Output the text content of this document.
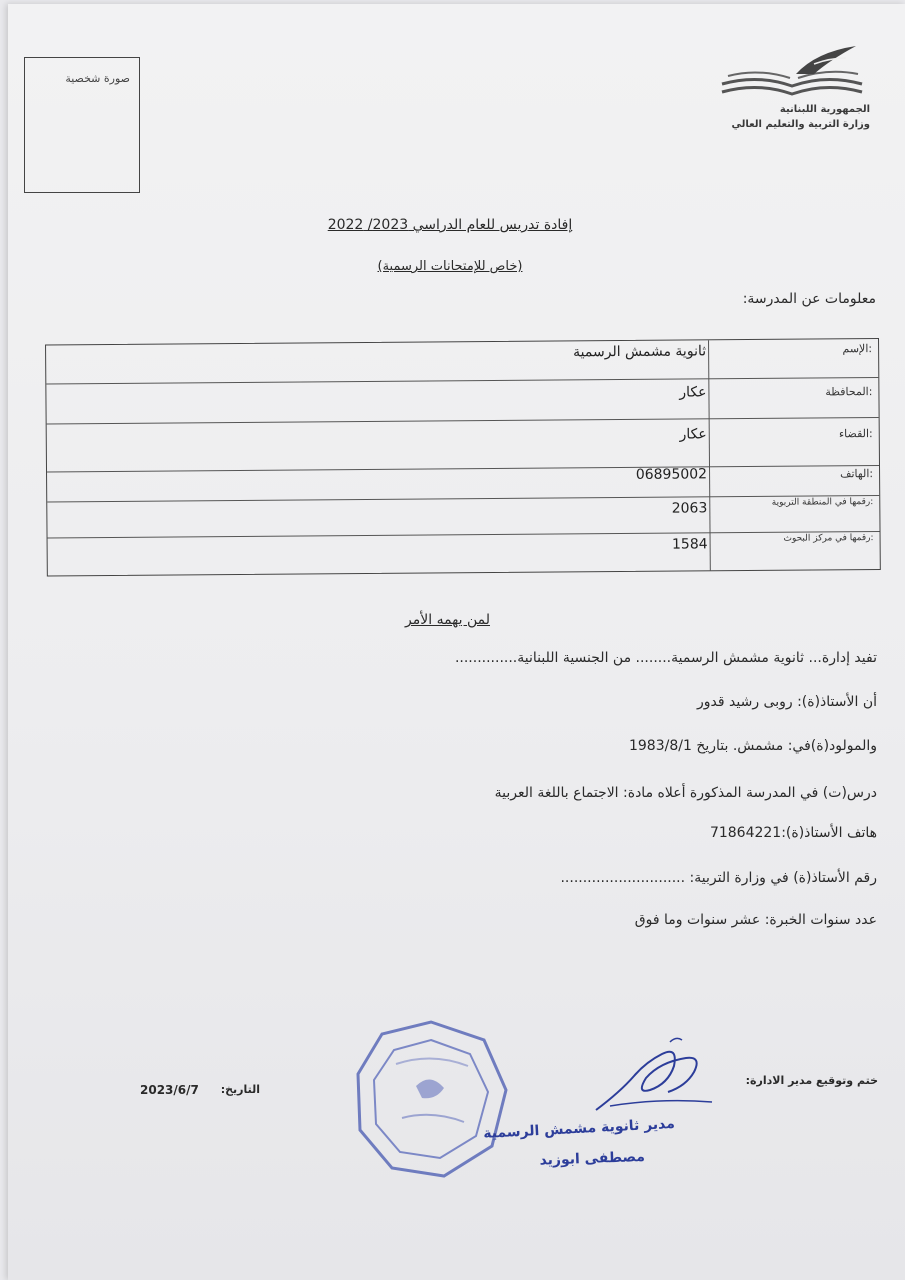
صورة شخصية
الجمهورية اللبنانية
وزارة التربية والتعليم العالي
إفادة تدريس للعام الدراسي 2023/ 2022
(خاص للإمتحانات الرسمية)
معلومات عن المدرسة:
الإسم:
ثانوية مشمش الرسمية
المحافظة:
عكار
القضاء:
عكار
الهاتف:
06895002
رقمها في المنطقة التربوية:
2063
رقمها في مركز البحوث:
1584
لمن يهمه الأمر
تفيد إدارة... ثانوية مشمش الرسمية........ من الجنسية اللبنانية..............
أن الأستاذ(ة): روبى رشيد قدور
والمولود(ة)في: مشمش. بتاريخ 1983/8/1
درس(ت) في المدرسة المذكورة أعلاه مادة: الاجتماع باللغة العربية
هاتف الأستاذ(ة):71864221
رقم الأستاذ(ة) في وزارة التربية: ............................
عدد سنوات الخبرة: عشر سنوات وما فوق
ختم وتوقيع مدير الادارة:
التاريخ:
2023/6/7
مدير ثانوية مشمش الرسمية
مصطفى ابوزيد
